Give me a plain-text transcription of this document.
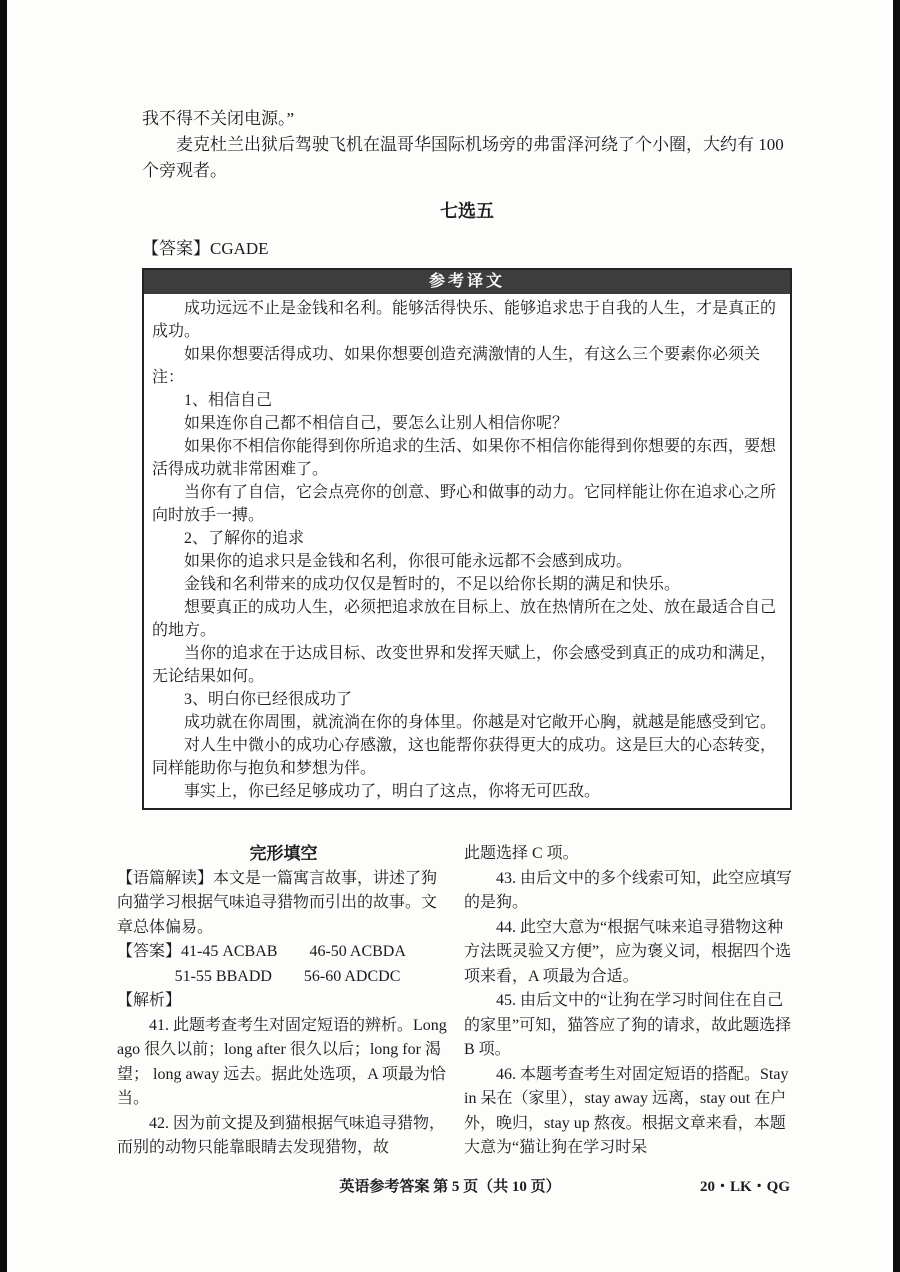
我不得不关闭电源。”

麦克杜兰出狱后驾驶飞机在温哥华国际机场旁的弗雷泽河绕了个小圈，大约有 100 个旁观者。

七选五

【答案】CGADE

参考译文

成功远远不止是金钱和名利。能够活得快乐、能够追求忠于自我的人生，才是真正的成功。

如果你想要活得成功、如果你想要创造充满激情的人生，有这么三个要素你必须关注：

1、相信自己

如果连你自己都不相信自己，要怎么让别人相信你呢？

如果你不相信你能得到你所追求的生活、如果你不相信你能得到你想要的东西，要想活得成功就非常困难了。

当你有了自信，它会点亮你的创意、野心和做事的动力。它同样能让你在追求心之所向时放手一搏。

2、了解你的追求

如果你的追求只是金钱和名利，你很可能永远都不会感到成功。

金钱和名利带来的成功仅仅是暂时的，不足以给你长期的满足和快乐。

想要真正的成功人生，必须把追求放在目标上、放在热情所在之处、放在最适合自己的地方。

当你的追求在于达成目标、改变世界和发挥天赋上，你会感受到真正的成功和满足，无论结果如何。

3、明白你已经很成功了

成功就在你周围，就流淌在你的身体里。你越是对它敞开心胸，就越是能感受到它。

对人生中微小的成功心存感激，这也能帮你获得更大的成功。这是巨大的心态转变，同样能助你与抱负和梦想为伴。

事实上，你已经足够成功了，明白了这点，你将无可匹敌。

完形填空

【语篇解读】本文是一篇寓言故事，讲述了狗向猫学习根据气味追寻猎物而引出的故事。文章总体偏易。

【答案】41-45 ACBAB　　46-50 ACBDA

51-55 BBADD　　56-60 ADCDC

【解析】

41. 此题考查考生对固定短语的辨析。Long ago 很久以前；long after 很久以后；long for 渴望； long away 远去。据此处选项，A 项最为恰当。

42. 因为前文提及到猫根据气味追寻猎物，而别的动物只能靠眼睛去发现猎物，故

此题选择 C 项。

43. 由后文中的多个线索可知，此空应填写的是狗。

44. 此空大意为“根据气味来追寻猎物这种方法既灵验又方便”，应为褒义词，根据四个选项来看，A 项最为合适。

45. 由后文中的“让狗在学习时间住在自己的家里”可知，猫答应了狗的请求，故此题选择 B 项。

46. 本题考查考生对固定短语的搭配。Stay in 呆在（家里），stay away 远离，stay out 在户外，晚归，stay up 熬夜。根据文章来看，本题大意为“猫让狗在学习时呆

英语参考答案 第 5 页（共 10 页）	20・LK・QG
